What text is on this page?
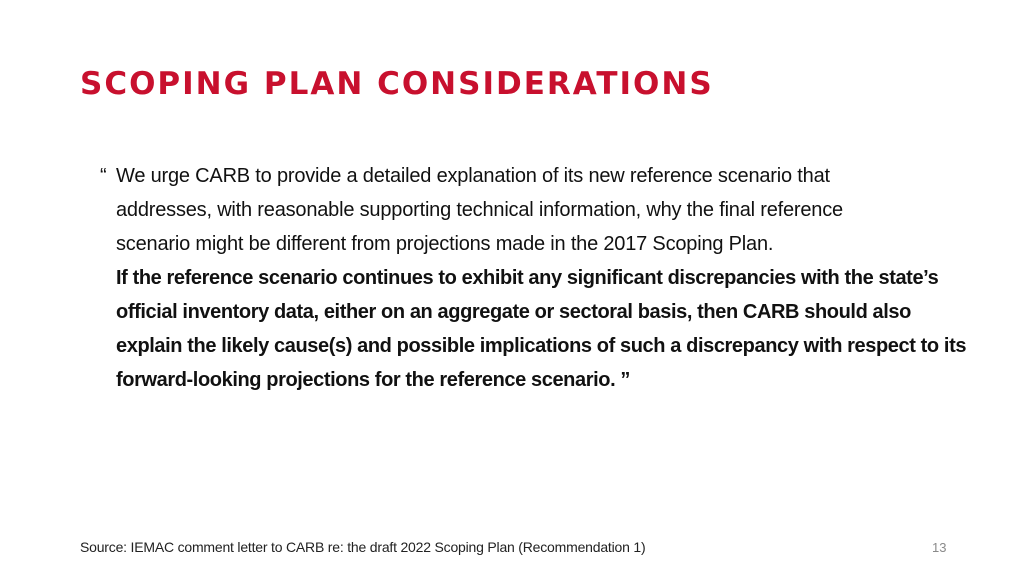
SCOPING PLAN CONSIDERATIONS
“ We urge CARB to provide a detailed explanation of its new reference scenario that
addresses, with reasonable supporting technical information, why the final reference
scenario might be different from projections made in the 2017 Scoping Plan.
If the reference scenario continues to exhibit any significant discrepancies with the state’s
official inventory data, either on an aggregate or sectoral basis, then CARB should also
explain the likely cause(s) and possible implications of such a discrepancy with respect to its
forward-looking projections for the reference scenario. ”
Source: IEMAC comment letter to CARB re: the draft 2022 Scoping Plan (Recommendation 1)	13
